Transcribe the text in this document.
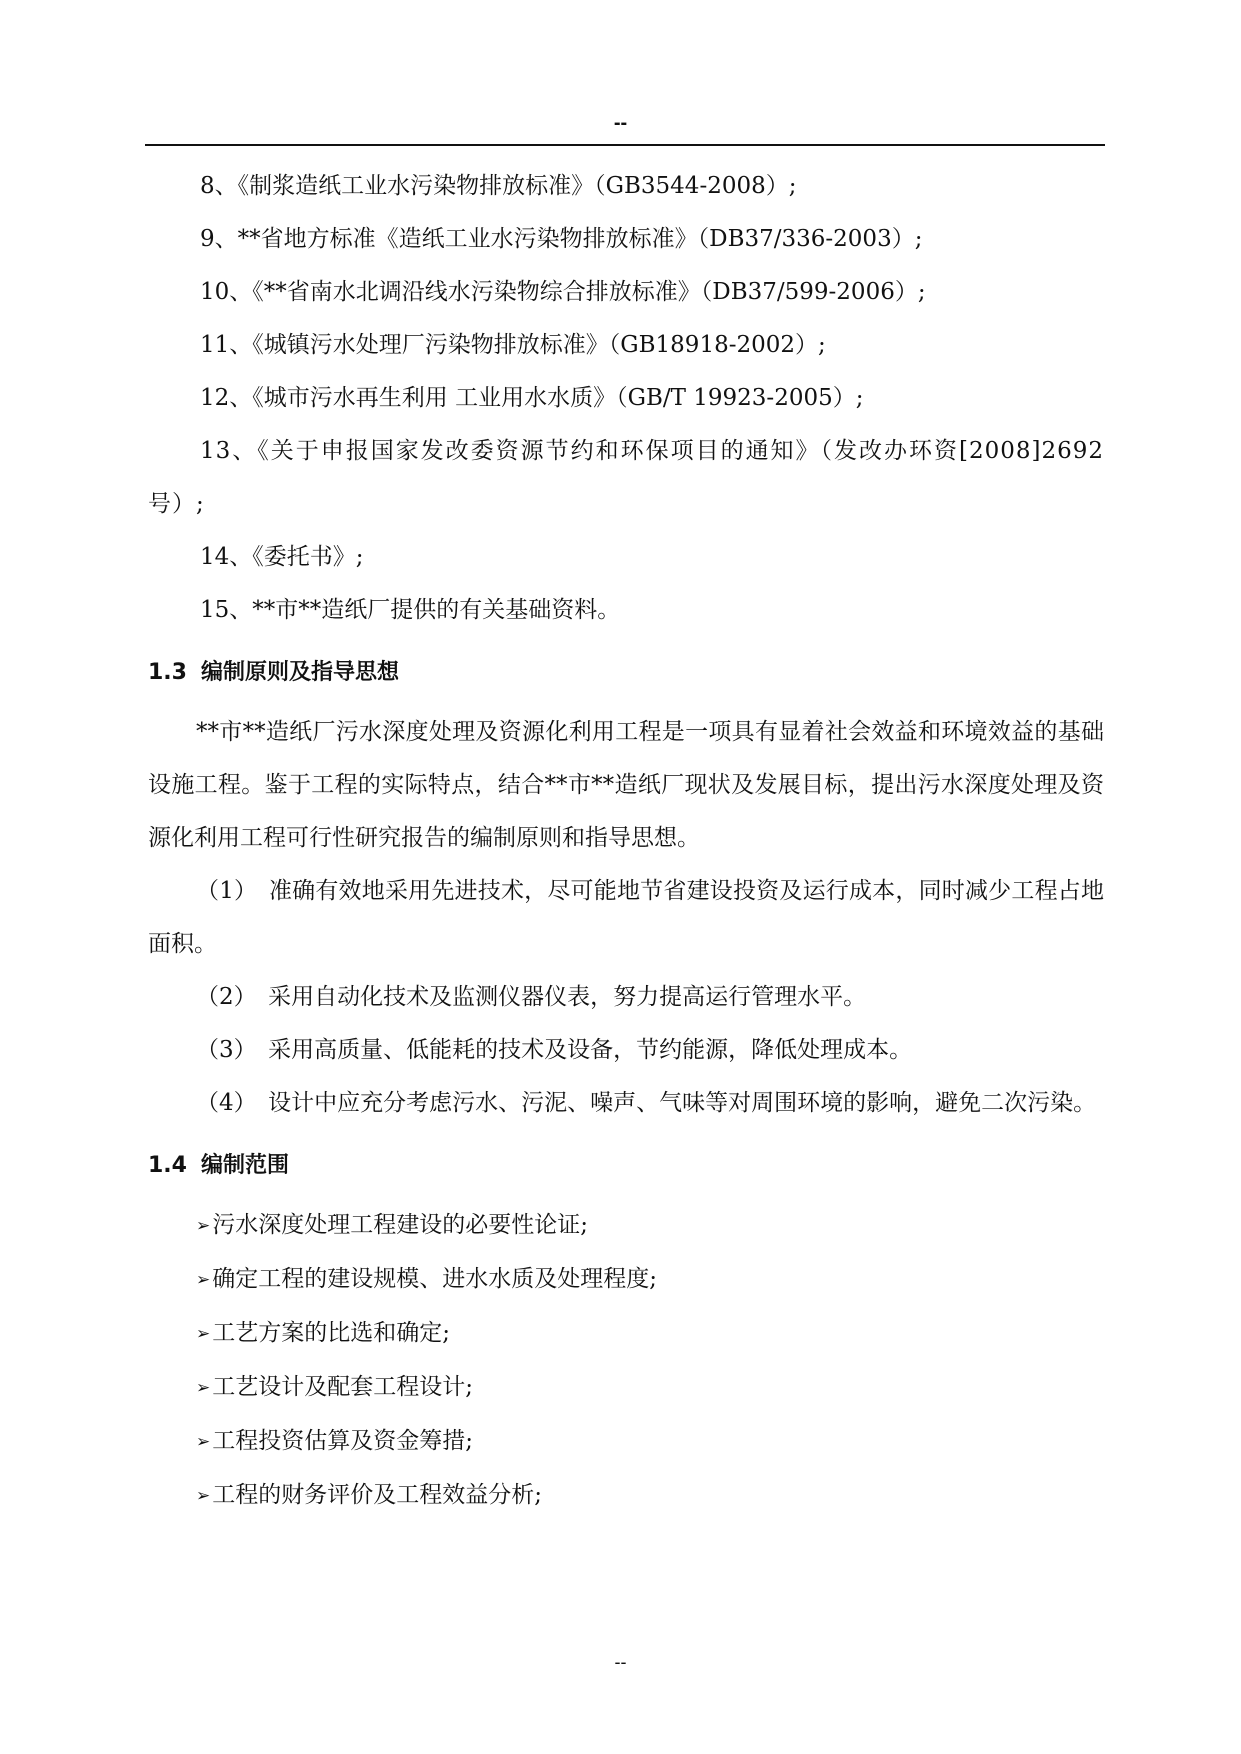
--

8、《制浆造纸工业水污染物排放标准》（GB3544-2008）;

9、**省地方标准《造纸工业水污染物排放标准》（DB37/336-2003）;

10、《**省南水北调沿线水污染物综合排放标准》（DB37/599-2006）;

11、《城镇污水处理厂污染物排放标准》（GB18918-2002）;

12、《城市污水再生利用 工业用水水质》（GB/T 19923-2005）;

13、《关于申报国家发改委资源节约和环保项目的通知》（发改办环资[2008]2692号）;

14、《委托书》;

15、**市**造纸厂提供的有关基础资料。

1.3 编制原则及指导思想

**市**造纸厂污水深度处理及资源化利用工程是一项具有显着社会效益和环境效益的基础设施工程。鉴于工程的实际特点，结合**市**造纸厂现状及发展目标，提出污水深度处理及资源化利用工程可行性研究报告的编制原则和指导思想。

（1）　准确有效地采用先进技术，尽可能地节省建设投资及运行成本，同时减少工程占地面积。

（2）　采用自动化技术及监测仪器仪表，努力提高运行管理水平。

（3）　采用高质量、低能耗的技术及设备，节约能源，降低处理成本。

（4）　设计中应充分考虑污水、污泥、噪声、气味等对周围环境的影响，避免二次污染。

1.4 编制范围

➢污水深度处理工程建设的必要性论证;

➢确定工程的建设规模、进水水质及处理程度;

➢工艺方案的比选和确定;

➢工艺设计及配套工程设计;

➢工程投资估算及资金筹措;

➢工程的财务评价及工程效益分析;

--
